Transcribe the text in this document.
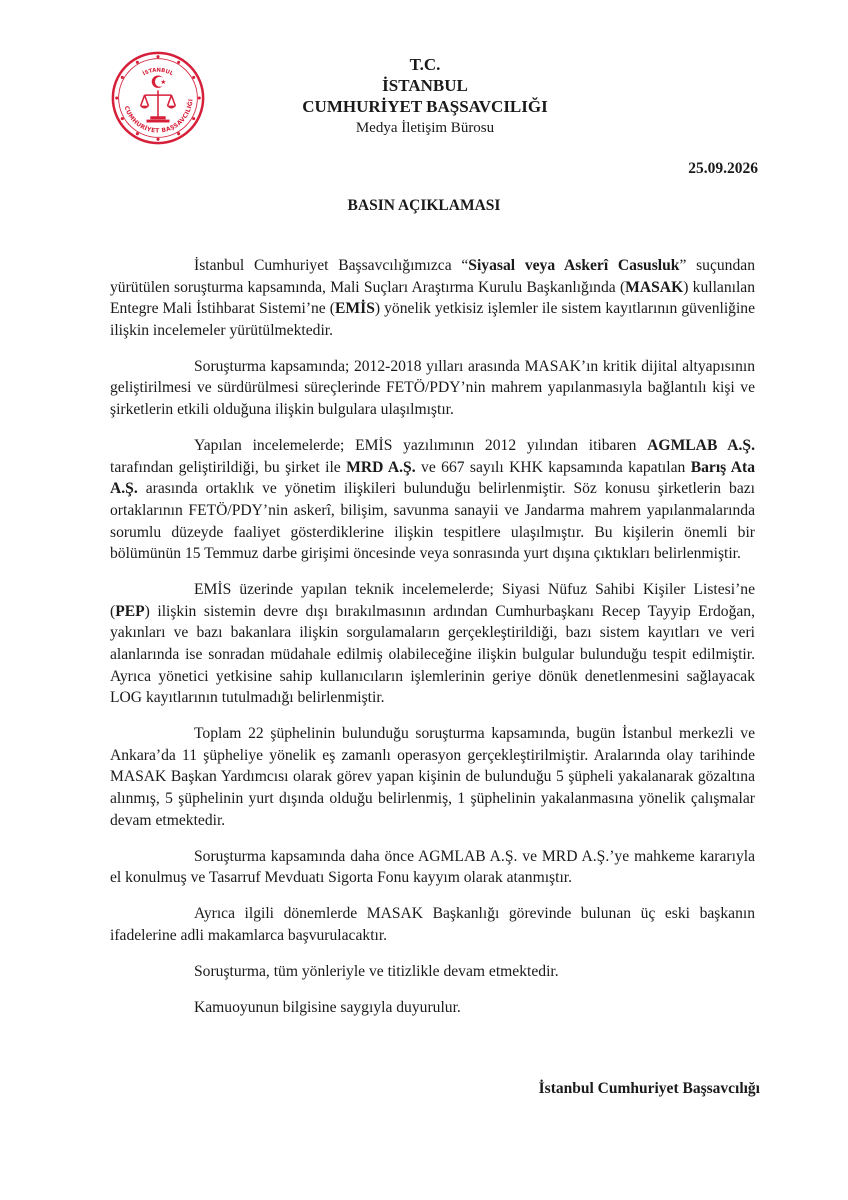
CUMHURİYET BAŞSAVCILIĞI
İSTANBUL	T.C.
İSTANBUL
CUMHURİYET BAŞSAVCILIĞI
Medya İletişim Bürosu
25.09.2026
BASIN AÇIKLAMASI

İstanbul Cumhuriyet Başsavcılığımızca “Siyasal veya Askerî Casusluk” suçundan yürütülen soruşturma kapsamında, Mali Suçları Araştırma Kurulu Başkanlığında (MASAK) kullanılan Entegre Mali İstihbarat Sistemi’ne (EMİS) yönelik yetkisiz işlemler ile sistem kayıtlarının güvenliğine ilişkin incelemeler yürütülmektedir.

Soruşturma kapsamında; 2012-2018 yılları arasında MASAK’ın kritik dijital altyapısının geliştirilmesi ve sürdürülmesi süreçlerinde FETÖ/PDY’nin mahrem yapılanmasıyla bağlantılı kişi ve şirketlerin etkili olduğuna ilişkin bulgulara ulaşılmıştır.

Yapılan incelemelerde; EMİS yazılımının 2012 yılından itibaren AGMLAB A.Ş. tarafından geliştirildiği, bu şirket ile MRD A.Ş. ve 667 sayılı KHK kapsamında kapatılan Barış Ata A.Ş. arasında ortaklık ve yönetim ilişkileri bulunduğu belirlenmiştir. Söz konusu şirketlerin bazı ortaklarının FETÖ/PDY’nin askerî, bilişim, savunma sanayii ve Jandarma mahrem yapılanmalarında sorumlu düzeyde faaliyet gösterdiklerine ilişkin tespitlere ulaşılmıştır. Bu kişilerin önemli bir bölümünün 15 Temmuz darbe girişimi öncesinde veya sonrasında yurt dışına çıktıkları belirlenmiştir.

EMİS üzerinde yapılan teknik incelemelerde; Siyasi Nüfuz Sahibi Kişiler Listesi’ne (PEP) ilişkin sistemin devre dışı bırakılmasının ardından Cumhurbaşkanı Recep Tayyip Erdoğan, yakınları ve bazı bakanlara ilişkin sorgulamaların gerçekleştirildiği, bazı sistem kayıtları ve veri alanlarında ise sonradan müdahale edilmiş olabileceğine ilişkin bulgular bulunduğu tespit edilmiştir. Ayrıca yönetici yetkisine sahip kullanıcıların işlemlerinin geriye dönük denetlenmesini sağlayacak LOG kayıtlarının tutulmadığı belirlenmiştir.

Toplam 22 şüphelinin bulunduğu soruşturma kapsamında, bugün İstanbul merkezli ve Ankara’da 11 şüpheliye yönelik eş zamanlı operasyon gerçekleştirilmiştir. Aralarında olay tarihinde MASAK Başkan Yardımcısı olarak görev yapan kişinin de bulunduğu 5 şüpheli yakalanarak gözaltına alınmış, 5 şüphelinin yurt dışında olduğu belirlenmiş, 1 şüphelinin yakalanmasına yönelik çalışmalar devam etmektedir.

Soruşturma kapsamında daha önce AGMLAB A.Ş. ve MRD A.Ş.’ye mahkeme kararıyla el konulmuş ve Tasarruf Mevduatı Sigorta Fonu kayyım olarak atanmıştır.

Ayrıca ilgili dönemlerde MASAK Başkanlığı görevinde bulunan üç eski başkanın ifadelerine adli makamlarca başvurulacaktır.

Soruşturma, tüm yönleriyle ve titizlikle devam etmektedir.

Kamuoyunun bilgisine saygıyla duyurulur.

İstanbul Cumhuriyet Başsavcılığı
